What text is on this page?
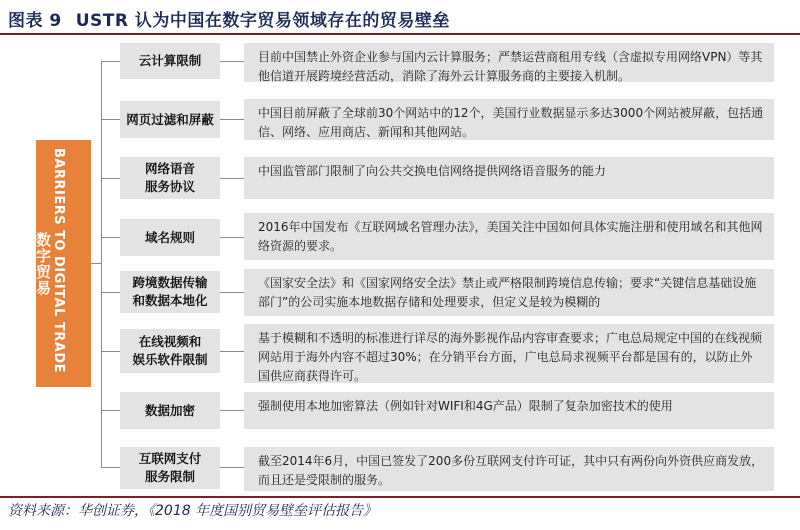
图表 9 USTR 认为中国在数字贸易领域存在的贸易壁垒
数字贸易 BARRIERS TO DIGITAL TRADE
云计算限制
网页过滤和屏蔽
网络语音
服务协议
域名规则
跨境数据传输
和数据本地化
在线视频和
娱乐软件限制
数据加密
互联网支付
服务限制
目前中国禁止外资企业参与国内云计算服务；严禁运营商租用专线（含虚拟专用网络VPN）等其他信道开展跨境经营活动，消除了海外云计算服务商的主要接入机制。
中国目前屏蔽了全球前30个网站中的12个，美国行业数据显示多达3000个网站被屏蔽，包括通信、网络、应用商店、新闻和其他网站。
中国监管部门限制了向公共交换电信网络提供网络语音服务的能力
2016年中国发布《互联网域名管理办法》，美国关注中国如何具体实施注册和使用域名和其他网络资源的要求。
《国家安全法》和《国家网络安全法》禁止或严格限制跨境信息传输；要求“关键信息基础设施部门”的公司实施本地数据存储和处理要求，但定义是较为模糊的
基于模糊和不透明的标准进行详尽的海外影视作品内容审查要求；广电总局规定中国的在线视频网站用于海外内容不超过30%；在分销平台方面，广电总局求视频平台都是国有的，以防止外国供应商获得许可。
强制使用本地加密算法（例如针对WIFI和4G产品）限制了复杂加密技术的使用
截至2014年6月，中国已签发了200多份互联网支付许可证，其中只有两份向外资供应商发放，而且还是受限制的服务。
资料来源：华创证券，《2018 年度国别贸易壁垒评估报告》
